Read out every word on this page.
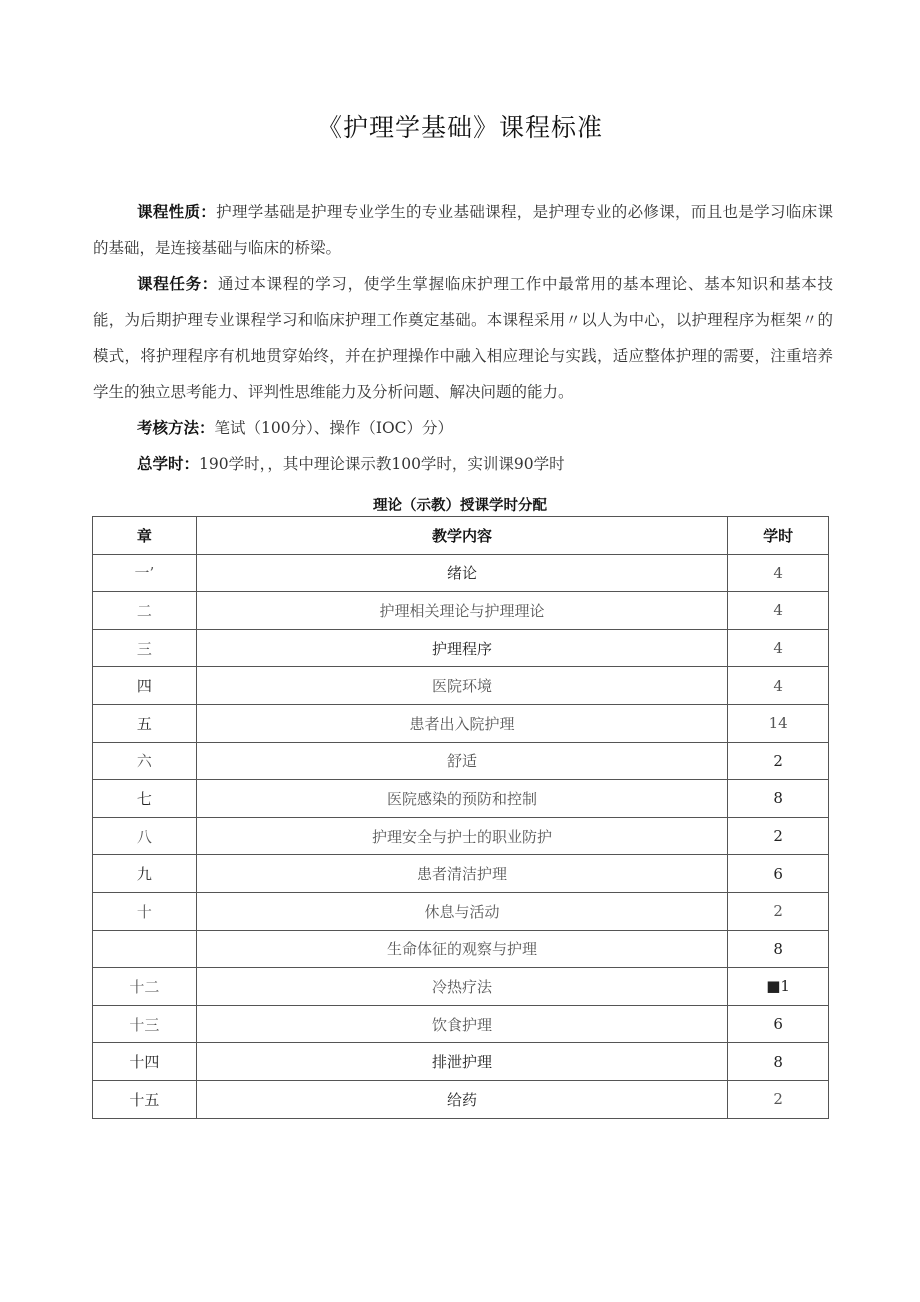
《护理学基础》课程标准
课程性质：护理学基础是护理专业学生的专业基础课程，是护理专业的必修课，而且也是学习临床课的基础，是连接基础与临床的桥梁。
课程任务：通过本课程的学习，使学生掌握临床护理工作中最常用的基本理论、基本知识和基本技能，为后期护理专业课程学习和临床护理工作奠定基础。本课程采用〃以人为中心，以护理程序为框架〃的模式，将护理程序有机地贯穿始终，并在护理操作中融入相应理论与实践，适应整体护理的需要，注重培养学生的独立思考能力、评判性思维能力及分析问题、解决问题的能力。
考核方法：笔试（100分）、操作（IOC）分）
总学时：190学时，，其中理论课示教100学时，实训课90学时
理论（示教）授课学时分配
章	教学内容	学时
一’	绪论	4
二	护理相关理论与护理理论	4
三	护理程序	4
四	医院环境	4
五	患者出入院护理	14
六	舒适	2
七	医院感染的预防和控制	8
八	护理安全与护士的职业防护	2
九	患者清洁护理	6
十	休息与活动	2
	生命体征的观察与护理	8
十二	冷热疗法	■1
十三	饮食护理	6
十四	排泄护理	8
十五	给药	2
